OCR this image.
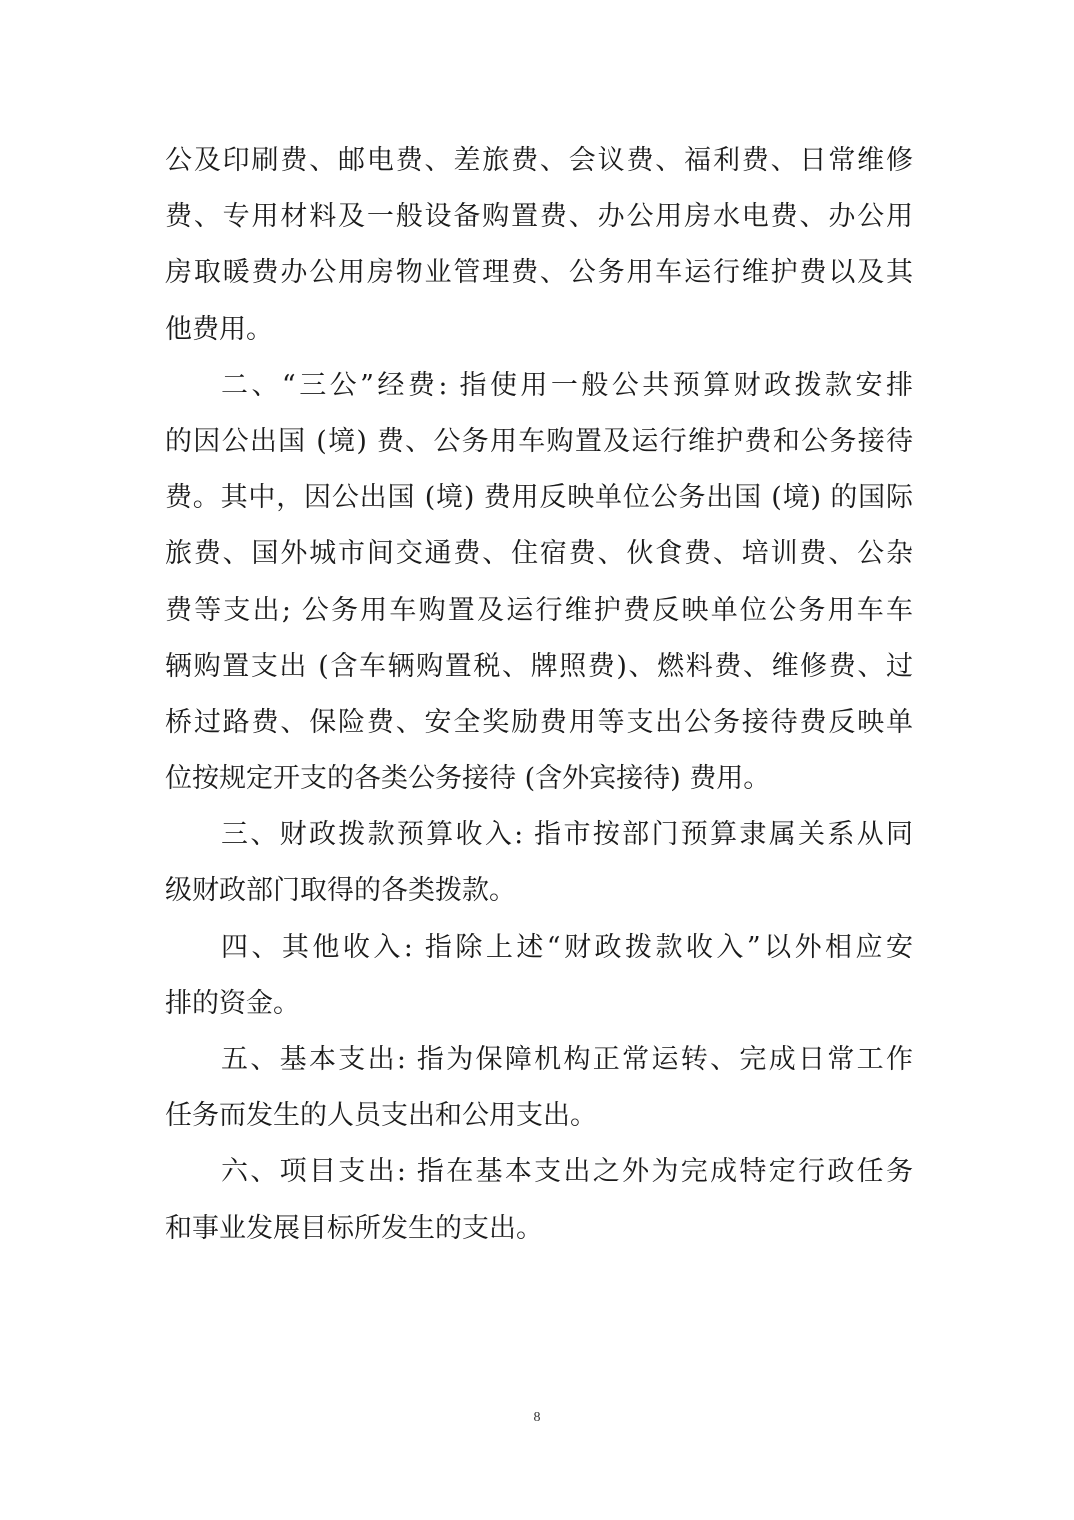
公及印刷费、邮电费、差旅费、会议费、福利费、日常维修
费、专用材料及一般设备购置费、办公用房水电费、办公用
房取暖费办公用房物业管理费、公务用车运行维护费以及其
他费用。
二、“三公”经费: 指使用一般公共预算财政拨款安排
的因公出国 (境) 费、公务用车购置及运行维护费和公务接待
费。其中，因公出国 (境) 费用反映单位公务出国 (境) 的国际
旅费、国外城市间交通费、住宿费、伙食费、培训费、公杂
费等支出; 公务用车购置及运行维护费反映单位公务用车车
辆购置支出 (含车辆购置税、牌照费)、燃料费、维修费、过
桥过路费、保险费、安全奖励费用等支出公务接待费反映单
位按规定开支的各类公务接待 (含外宾接待) 费用。
三、财政拨款预算收入: 指市按部门预算隶属关系从同
级财政部门取得的各类拨款。
四、其他收入: 指除上述“财政拨款收入”以外相应安
排的资金。
五、基本支出: 指为保障机构正常运转、完成日常工作
任务而发生的人员支出和公用支出。
六、项目支出: 指在基本支出之外为完成特定行政任务
和事业发展目标所发生的支出。
8
